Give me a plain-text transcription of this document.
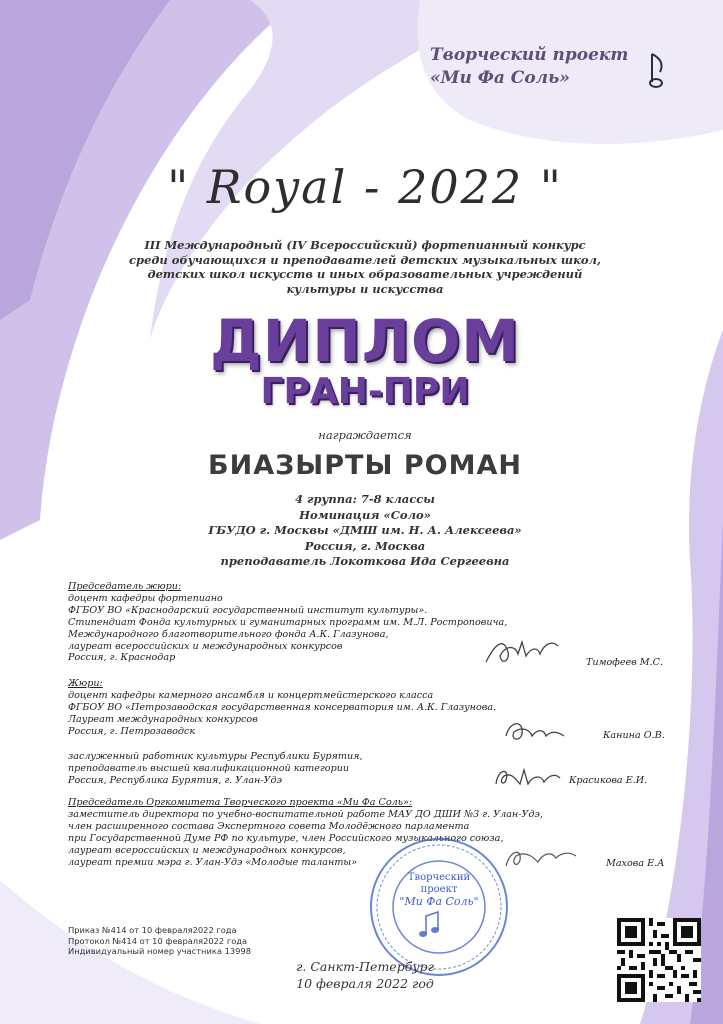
Творческий проект
«Ми Фа Соль»
" Royal - 2022 "
III Международный (IV Всероссийский) фортепианный конкурс
среди обучающихся и преподавателей детских музыкальных школ,
детских школ искусств и иных образовательных учреждений
культуры и искусства
ДИПЛОМ
ГРАН-ПРИ
награждается
БИАЗЫРТЫ РОМАН
4 группа: 7-8 классы
Номинация «Соло»
ГБУДО г. Москвы «ДМШ им. Н. А. Алексеева»
Россия, г. Москва
преподаватель Локоткова Ида Сергеевна
Председатель жюри:
доцент кафедры фортепиано
ФГБОУ ВО «Краснодарский государственный институт культуры».
Стипендиат Фонда культурных и гуманитарных программ им. М.Л. Ростроповича,
Международного благотворительного фонда А.К. Глазунова,
лауреат всероссийских и международных конкурсов
Россия, г. Краснодар	Тимофеев М.С.
Жюри:
доцент кафедры камерного ансамбля и концертмейстерского класса
ФГБОУ ВО «Петрозаводская государственная консерватория им. А.К. Глазунова.
Лауреат международных конкурсов
Россия, г. Петрозаводск	Канина О.В.
заслуженный работник культуры Республики Бурятия,
преподаватель высшей квалификационной категории
Россия, Республика Бурятия, г. Улан-Удэ	Красикова Е.И.
Председатель Оргкомитета Творческого проекта «Ми Фа Соль»:
заместитель директора по учебно-воспитательной работе МАУ ДО ДШИ №3 г. Улан-Удэ,
член расширенного состава Экспертного совета Молодёжного парламента
при Государственной Думе РФ по культуре, член Российского музыкального союза,
лауреат всероссийских и международных конкурсов,
лауреат премии мэра г. Улан-Удэ «Молодые таланты»	Махова Е.А
Творческий
проект
"Ми Фа Соль"
Приказ №414 от 10 февраля2022 года
Протокол №414 от 10 февраля2022 года
Индивидуальный номер участника 13998
г. Санкт-Петербург
10 февраля 2022 год
